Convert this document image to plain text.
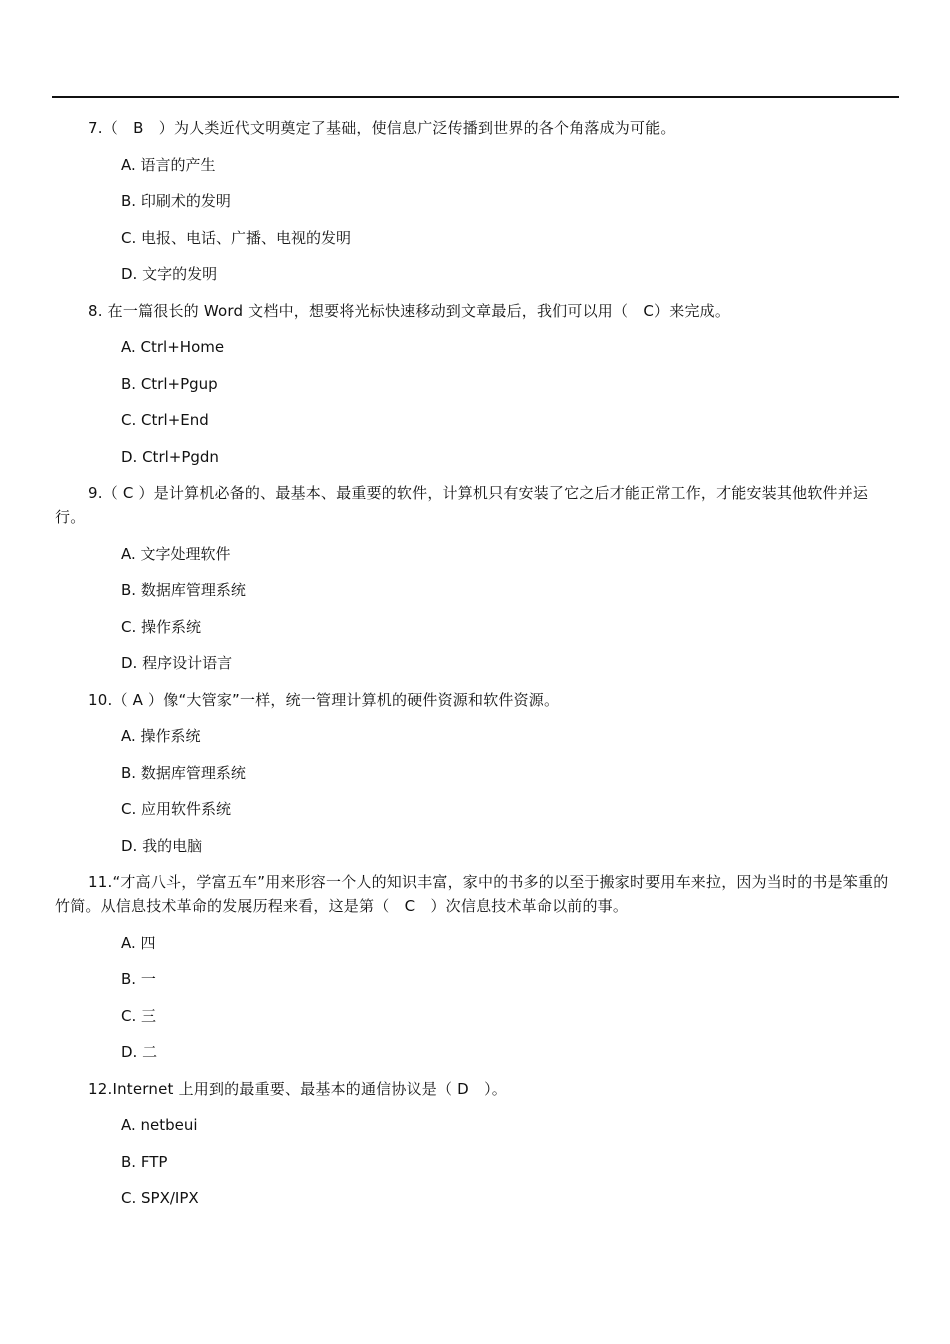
7.（　B　）为人类近代文明奠定了基础，使信息广泛传播到世界的各个角落成为可能。

A. 语言的产生

B. 印刷术的发明

C. 电报、电话、广播、电视的发明

D. 文字的发明

8. 在一篇很长的 Word 文档中，想要将光标快速移动到文章最后，我们可以用（　C）来完成。

A. Ctrl+Home

B. Ctrl+Pgup

C. Ctrl+End

D. Ctrl+Pgdn

9.（ C ）是计算机必备的、最基本、最重要的软件，计算机只有安装了它之后才能正常工作，才能安装其他软件并运行。

A. 文字处理软件

B. 数据库管理系统

C. 操作系统

D. 程序设计语言

10.（ A ）像“大管家”一样，统一管理计算机的硬件资源和软件资源。

A. 操作系统

B. 数据库管理系统

C. 应用软件系统

D. 我的电脑

11.“才高八斗，学富五车”用来形容一个人的知识丰富，家中的书多的以至于搬家时要用车来拉，因为当时的书是笨重的竹简。从信息技术革命的发展历程来看，这是第（　C　）次信息技术革命以前的事。

A. 四

B. 一

C. 三

D. 二

12.Internet 上用到的最重要、最基本的通信协议是（ D　）。

A. netbeui

B. FTP

C. SPX/IPX
